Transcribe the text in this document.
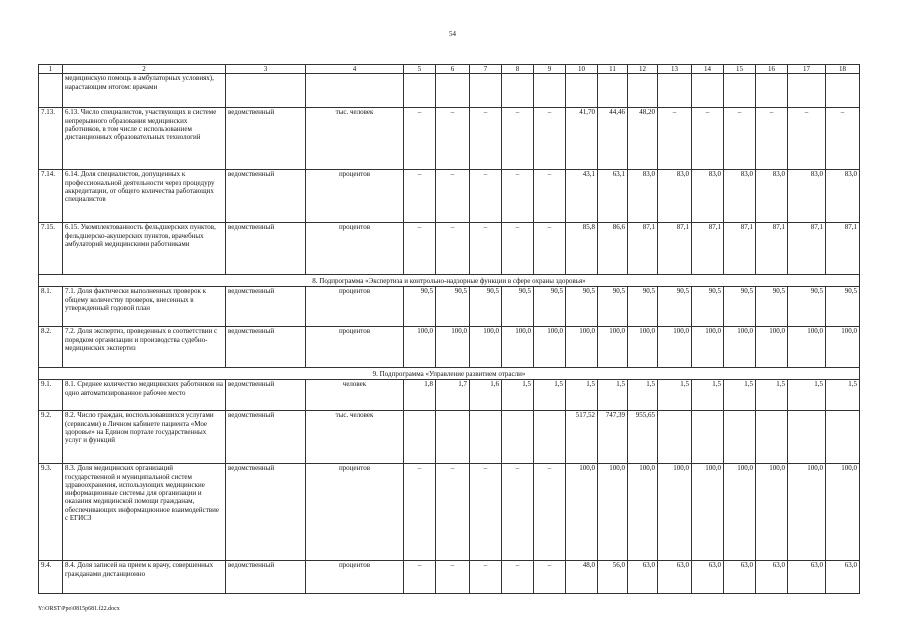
54
1	2	3	4	5	6	7	8	9	10	11	12	13	14	15	16	17	18
	медицинскую помощь в амбулаторных условиях), нарастающим итогом: врачами																
7.13.	6.13. Число специалистов, участвующих в системе непрерывного образования медицинских работников, в том числе с использованием дистанционных образовательных технологий	ведомственный	тыс. человек	–	–	–	–	–	41,70	44,46	48,20	–	–	–	–	–	–
7.14.	6.14. Доля специалистов, допущенных к профессиональной деятельности через процедуру аккредитации, от общего количества работающих специалистов	ведомственный	процентов	–	–	–	–	–	43,1	63,1	83,0	83,0	83,0	83,0	83,0	83,0	83,0
7.15.	6.15. Укомплектованность фельдшерских пунктов, фельдшерско-акушерских пунктов, врачебных амбулаторий медицинскими работниками	ведомственный	процентов	–	–	–	–	–	85,8	86,6	87,1	87,1	87,1	87,1	87,1	87,1	87,1
8. Подпрограмма «Экспертиза и контрольно-надзорные функции в сфере охраны здоровья»																	
8.1.	7.1. Доля фактически выполненных проверок к общему количеству проверок, внесенных в утвержденный годовой план	ведомственный	процентов	90,5	90,5	90,5	90,5	90,5	90,5	90,5	90,5	90,5	90,5	90,5	90,5	90,5	90,5
8.2.	7.2. Доля экспертиз, проведенных в соответствии с порядком организации и производства судебно-медицинских экспертиз	ведомственный	процентов	100,0	100,0	100,0	100,0	100,0	100,0	100,0	100,0	100,0	100,0	100,0	100,0	100,0	100,0
9. Подпрограмма «Управление развитием отрасли»																	
9.1.	8.1. Среднее количество медицинских работников на одно автоматизированное рабочее место	ведомственный	человек	1,8	1,7	1,6	1,5	1,5	1,5	1,5	1,5	1,5	1,5	1,5	1,5	1,5	1,5
9.2.	8.2. Число граждан, воспользовавшихся услугами (сервисами) в Личном кабинете пациента «Мое здоровье» на Едином портале государственных услуг и функций	ведомственный	тыс. человек						517,52	747,39	955,65						
9.3.	8.3. Доля медицинских организаций государственной и муниципальной систем здравоохранения, использующих медицинские информационные системы для организации и оказания медицинской помощи гражданам, обеспечивающих информационное взаимодействие с ЕГИСЗ	ведомственный	процентов	–	–	–	–	–	100,0	100,0	100,0	100,0	100,0	100,0	100,0	100,0	100,0
9.4.	8.4. Доля записей на прием к врачу, совершенных гражданами дистанционно	ведомственный	процентов	–	–	–	–	–	48,0	56,0	63,0	63,0	63,0	63,0	63,0	63,0	63,0
Y:\ORST\Ppo\0815p681.f22.docx
